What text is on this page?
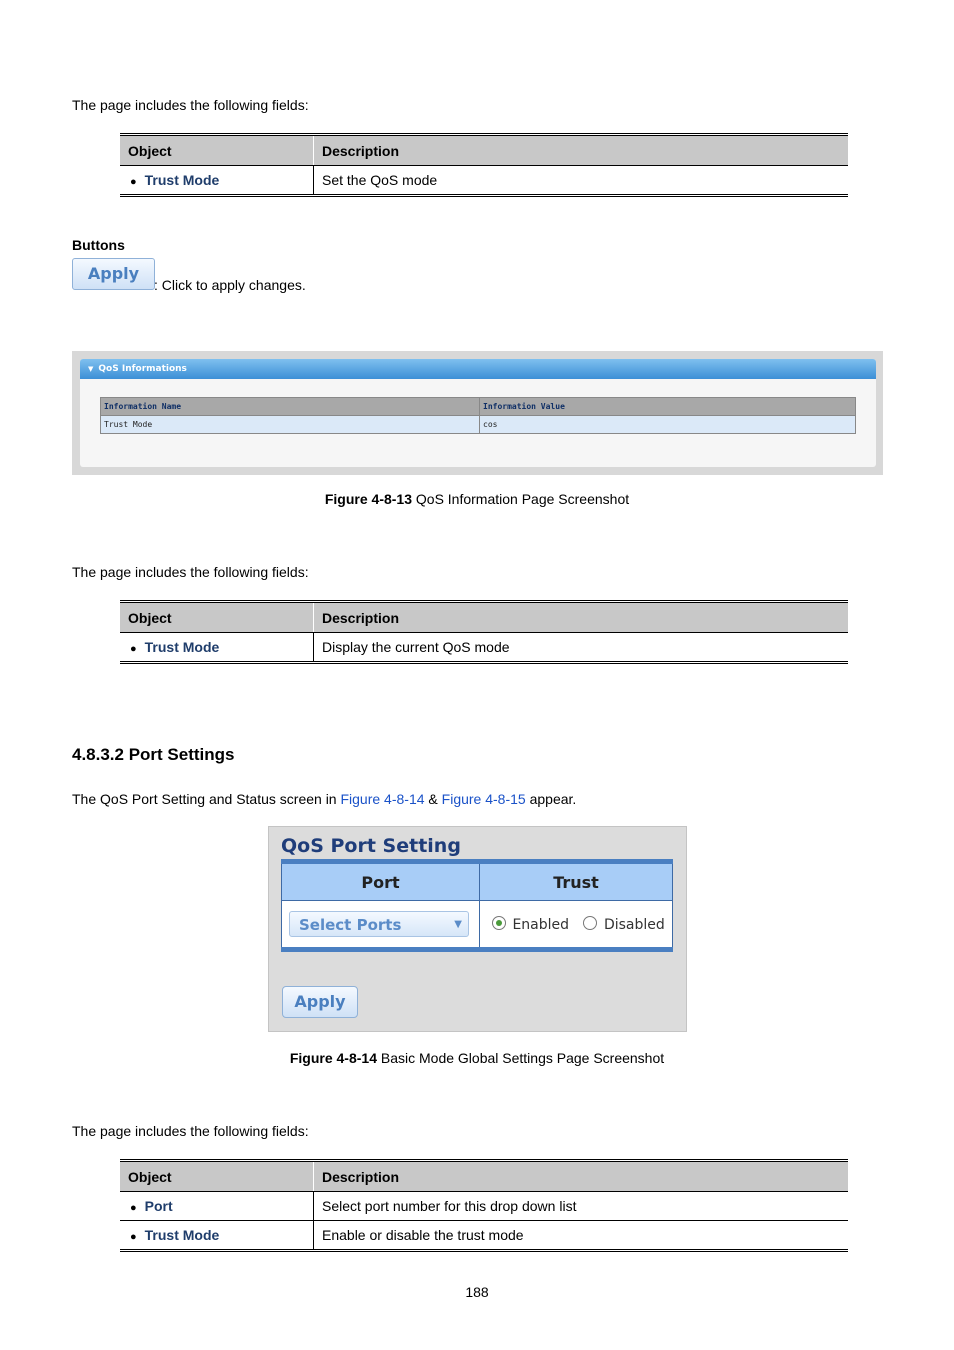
The page includes the following fields:
Object	Description
● Trust Mode	Set the QoS mode
Buttons
Apply
: Click to apply changes.
▼ QoS Informations
Information Name	Information Value
Trust Mode	cos
Figure 4-8-13 QoS Information Page Screenshot
The page includes the following fields:
Object	Description
● Trust Mode	Display the current QoS mode
4.8.3.2 Port Settings
The QoS Port Setting and Status screen in Figure 4-8-14 & Figure 4-8-15 appear.
QoS Port Setting
Port	Trust
Select Ports ▼	Enabled Disabled
Apply
Figure 4-8-14 Basic Mode Global Settings Page Screenshot
The page includes the following fields:
Object	Description
● Port	Select port number for this drop down list
● Trust Mode	Enable or disable the trust mode
188
